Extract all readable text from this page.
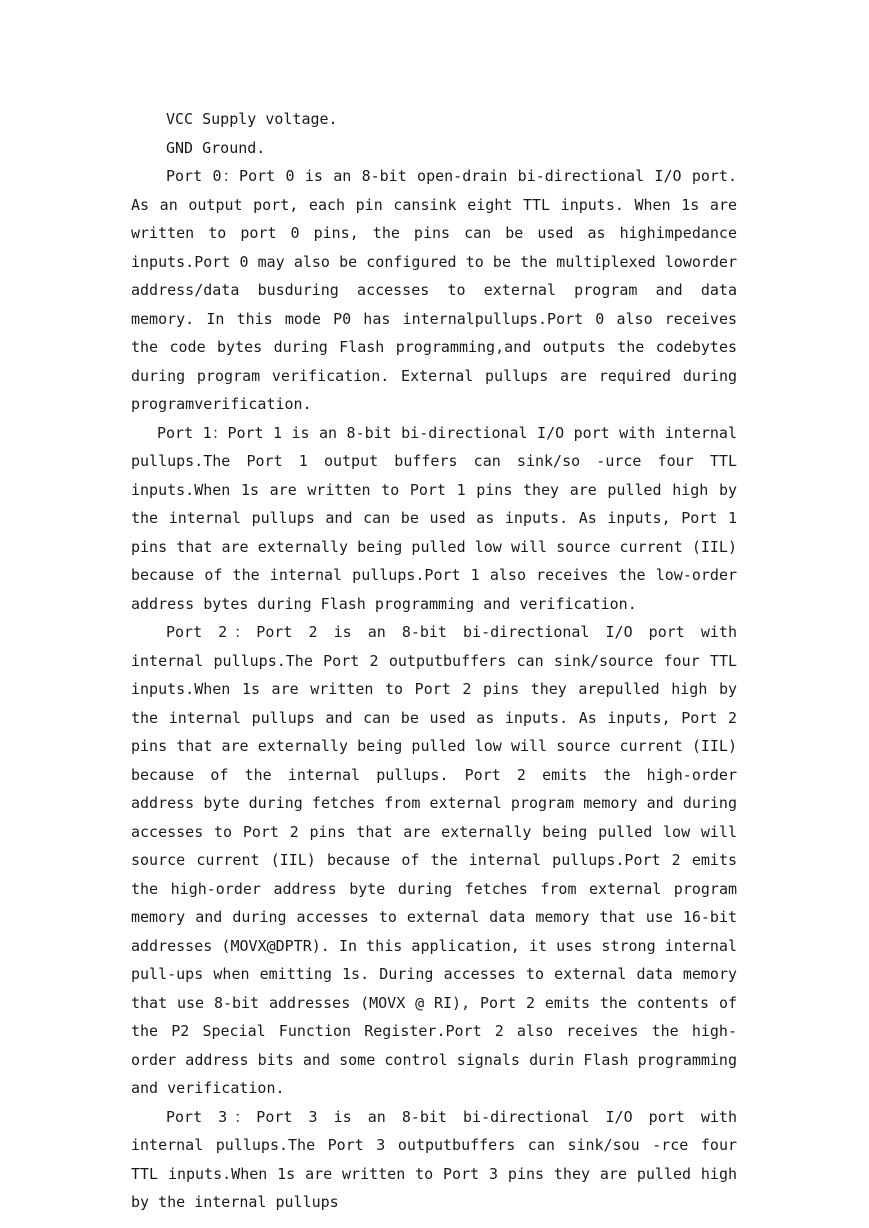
VCC Supply voltage.

GND Ground.

Port 0：Port 0 is an 8-bit open-drain bi-directional I/O port. As an output port, each pin cansink eight TTL inputs. When 1s are written to port 0 pins, the pins can be used as highimpedance inputs.Port 0 may also be configured to be the multiplexed loworder address/data busduring accesses to external program and data memory. In this mode P0 has internalpullups.Port 0 also receives the code bytes during Flash programming,and outputs the codebytes during program verification. External pullups are required during programverification.

Port 1：Port 1 is an 8-bit bi-directional I/O port with internal pullups.The Port 1 output buffers can sink/so -urce four TTL inputs.When 1s are written to Port 1 pins they are pulled high by the internal pullups and can be used as inputs. As inputs, Port 1 pins that are externally being pulled low will source current (IIL) because of the internal pullups.Port 1 also receives the low-order address bytes during Flash programming and verification.

Port 2：Port 2 is an 8-bit bi-directional I/O port with internal pullups.The Port 2 outputbuffers can sink/source four TTL inputs.When 1s are written to Port 2 pins they arepulled high by the internal pullups and can be used as inputs. As inputs, Port 2 pins that are externally being pulled low will source current (IIL) because of the internal pullups. Port 2 emits the high-order address byte during fetches from external program memory and during accesses to Port 2 pins that are externally being pulled low will source current (IIL) because of the internal pullups.Port 2 emits the high-order address byte during fetches from external program memory and during accesses to external data memory that use 16-bit addresses (MOVX@DPTR). In this application, it uses strong internal pull-ups when emitting 1s. During accesses to external data memory that use 8-bit addresses (MOVX @ RI), Port 2 emits the contents of the P2 Special Function Register.Port 2 also receives the high-order address bits and some control signals durin Flash programming and verification.

Port 3：Port 3 is an 8-bit bi-directional I/O port with internal pullups.The Port 3 outputbuffers can sink/sou -rce four TTL inputs.When 1s are written to Port 3 pins they are pulled high by the internal pullups
